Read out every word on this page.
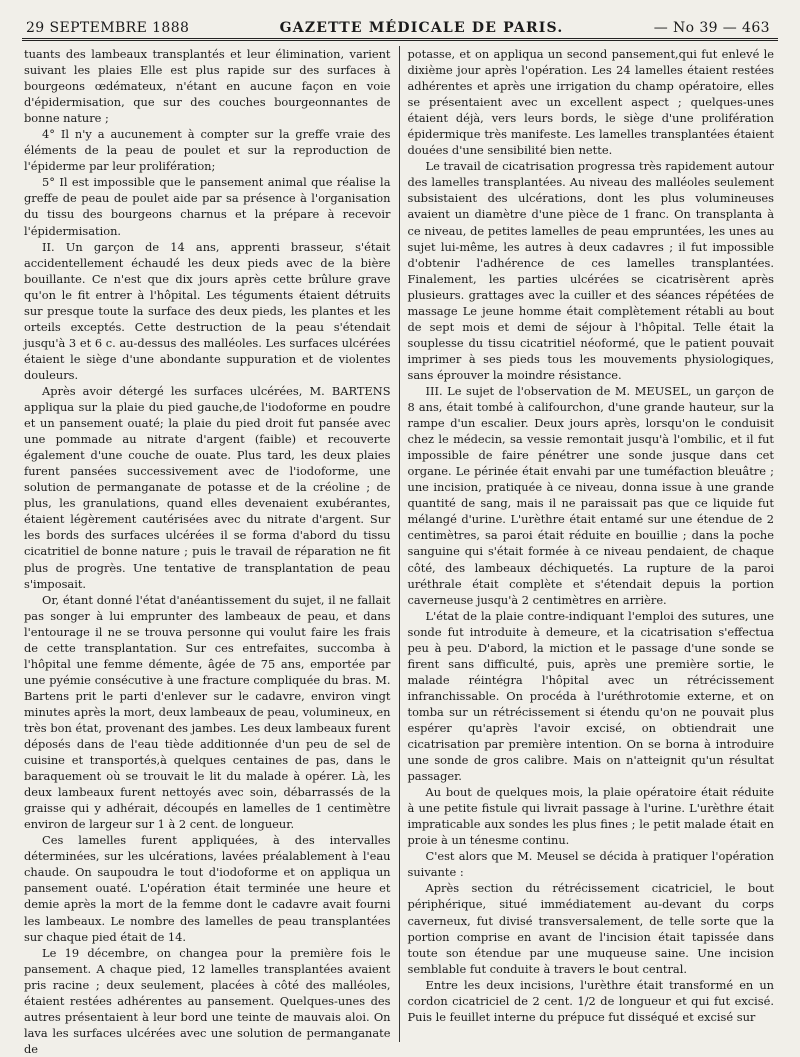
29 SEPTEMBRE 1888	GAZETTE MÉDICALE DE PARIS.	— Nо 39 — 463

tuants des lambeaux transplantés et leur élimination, varient suivant les plaies Elle est plus rapide sur des surfaces à bourgeons œdémateux, n'étant en aucune façon en voie d'épidermisation, que sur des couches bourgeonnantes de bonne nature ;

4° Il n'y a aucunement à compter sur la greffe vraie des éléments de la peau de poulet et sur la reproduction de l'épiderme par leur prolifération;

5° Il est impossible que le pansement animal que réalise la greffe de peau de poulet aide par sa présence à l'organisation du tissu des bourgeons charnus et la prépare à recevoir l'épidermisation.

II. Un garçon de 14 ans, apprenti brasseur, s'était accidentellement échaudé les deux pieds avec de la bière bouillante. Ce n'est que dix jours après cette brûlure grave qu'on le fit entrer à l'hôpital. Les téguments étaient détruits sur presque toute la surface des deux pieds, les plantes et les orteils exceptés. Cette destruction de la peau s'étendait jusqu'à 3 et 6 c. au-dessus des malléoles. Les surfaces ulcérées étaient le siège d'une abondante suppuration et de violentes douleurs.

Après avoir détergé les surfaces ulcérées, M. BARTENS appliqua sur la plaie du pied gauche,de l'iodoforme en poudre et un pansement ouaté; la plaie du pied droit fut pansée avec une pommade au nitrate d'argent (faible) et recouverte également d'une couche de ouate. Plus tard, les deux plaies furent pansées successivement avec de l'iodoforme, une solution de permanganate de potasse et de la créoline ; de plus, les granulations, quand elles devenaient exubérantes, étaient légèrement cautérisées avec du nitrate d'argent. Sur les bords des surfaces ulcérées il se forma d'abord du tissu cicatritiel de bonne nature ; puis le travail de réparation ne fit plus de progrès. Une tentative de transplantation de peau s'imposait.

Or, étant donné l'état d'anéantissement du sujet, il ne fallait pas songer à lui emprunter des lambeaux de peau, et dans l'entourage il ne se trouva personne qui voulut faire les frais de cette transplantation. Sur ces entrefaites, succomba à l'hôpital une femme démente, âgée de 75 ans, emportée par une pyémie consécutive à une fracture compliquée du bras. M. Bartens prit le parti d'enlever sur le cadavre, environ vingt minutes après la mort, deux lambeaux de peau, volumineux, en très bon état, provenant des jambes. Les deux lambeaux furent déposés dans de l'eau tiède additionnée d'un peu de sel de cuisine et transportés,à quelques centaines de pas, dans le baraquement où se trouvait le lit du malade à opérer. Là, les deux lambeaux furent nettoyés avec soin, débarrassés de la graisse qui y adhérait, découpés en lamelles de 1 centimètre environ de largeur sur 1 à 2 cent. de longueur.

Ces lamelles furent appliquées, à des intervalles déterminées, sur les ulcérations, lavées préalablement à l'eau chaude. On saupoudra le tout d'iodoforme et on appliqua un pansement ouaté. L'opération était terminée une heure et demie après la mort de la femme dont le cadavre avait fourni les lambeaux. Le nombre des lamelles de peau transplantées sur chaque pied était de 14.

Le 19 décembre, on changea pour la première fois le pansement. A chaque pied, 12 lamelles transplantées avaient pris racine ; deux seulement, placées à côté des malléoles, étaient restées adhérentes au pansement. Quelques-unes des autres présentaient à leur bord une teinte de mauvais aloi. On lava les surfaces ulcérées avec une solution de permanganate de

potasse, et on appliqua un second pansement,qui fut enlevé le dixième jour après l'opération. Les 24 lamelles étaient restées adhérentes et après une irrigation du champ opératoire, elles se présentaient avec un excellent aspect ; quelques-unes étaient déjà, vers leurs bords, le siège d'une prolifération épidermique très manifeste. Les lamelles transplantées étaient douées d'une sensibilité bien nette.

Le travail de cicatrisation progressa très rapidement autour des lamelles transplantées. Au niveau des malléoles seulement subsistaient des ulcérations, dont les plus volumineuses avaient un diamètre d'une pièce de 1 franc. On transplanta à ce niveau, de petites lamelles de peau empruntées, les unes au sujet lui-même, les autres à deux cadavres ; il fut impossible d'obtenir l'adhérence de ces lamelles transplantées. Finalement, les parties ulcérées se cicatrisèrent après plusieurs. grattages avec la cuiller et des séances répétées de massage Le jeune homme était complètement rétabli au bout de sept mois et demi de séjour à l'hôpital. Telle était la souplesse du tissu cicatritiel néoformé, que le patient pouvait imprimer à ses pieds tous les mouvements physiologiques, sans éprouver la moindre résistance.

III. Le sujet de l'observation de M. MEUSEL, un garçon de 8 ans, était tombé à califourchon, d'une grande hauteur, sur la rampe d'un escalier. Deux jours après, lorsqu'on le conduisit chez le médecin, sa vessie remontait jusqu'à l'ombilic, et il fut impossible de faire pénétrer une sonde jusque dans cet organe. Le périnée était envahi par une tuméfaction bleuâtre ; une incision, pratiquée à ce niveau, donna issue à une grande quantité de sang, mais il ne paraissait pas que ce liquide fut mélangé d'urine. L'urèthre était entamé sur une étendue de 2 centimètres, sa paroi était réduite en bouillie ; dans la poche sanguine qui s'était formée à ce niveau pendaient, de chaque côté, des lambeaux déchiquetés. La rupture de la paroi uréthrale était complète et s'étendait depuis la portion caverneuse jusqu'à 2 centimètres en arrière.

L'état de la plaie contre-indiquant l'emploi des sutures, une sonde fut introduite à demeure, et la cicatrisation s'effectua peu à peu. D'abord, la miction et le passage d'une sonde se firent sans difficulté, puis, après une première sortie, le malade réintégra l'hôpital avec un rétrécissement infranchissable. On procéda à l'uréthrotomie externe, et on tomba sur un rétrécissement si étendu qu'on ne pouvait plus espérer qu'après l'avoir excisé, on obtiendrait une cicatrisation par première intention. On se borna à introduire une sonde de gros calibre. Mais on n'atteignit qu'un résultat passager.

Au bout de quelques mois, la plaie opératoire était réduite à une petite fistule qui livrait passage à l'urine. L'urèthre était impraticable aux sondes les plus fines ; le petit malade était en proie à un ténesme continu.

C'est alors que M. Meusel se décida à pratiquer l'opération suivante :

Après section du rétrécissement cicatriciel, le bout périphérique, situé immédiatement au-devant du corps caverneux, fut divisé transversalement, de telle sorte que la portion comprise en avant de l'incision était tapissée dans toute son étendue par une muqueuse saine. Une incision semblable fut conduite à travers le bout central.

Entre les deux incisions, l'urèthre était transformé en un cordon cicatriciel de 2 cent. 1/2 de longueur et qui fut excisé. Puis le feuillet interne du prépuce fut disséqué et excisé sur
